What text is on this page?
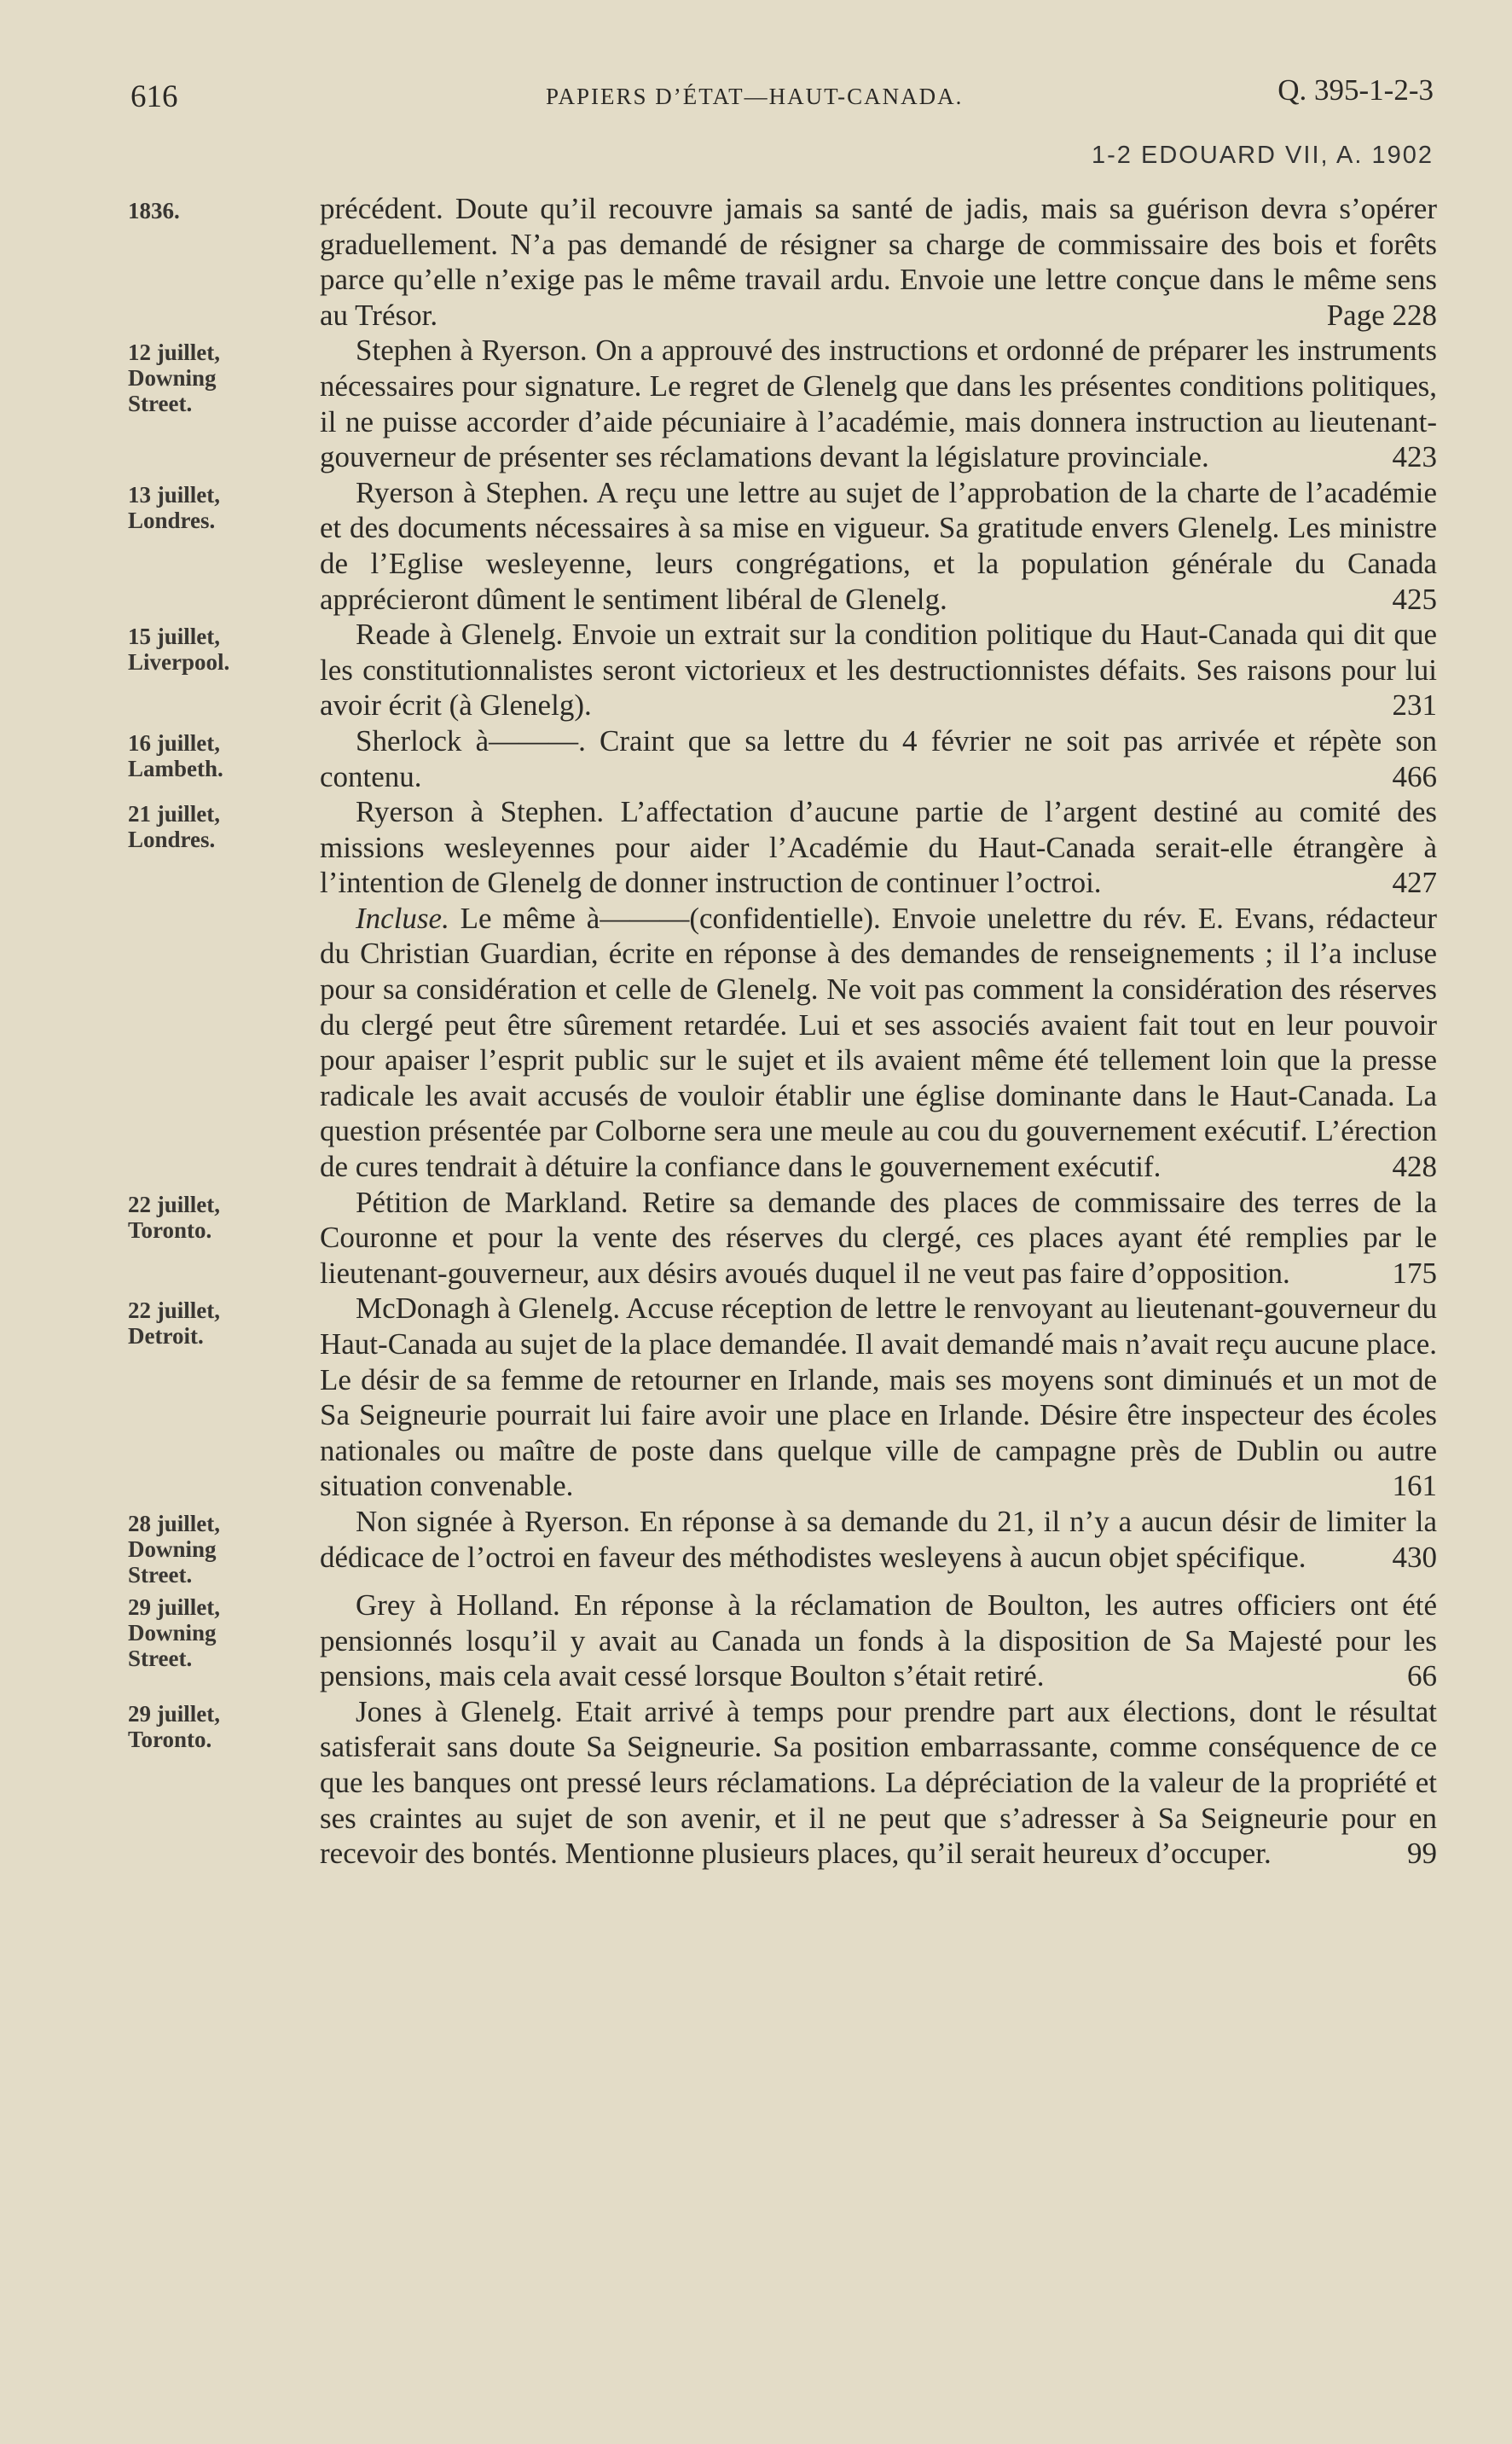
616	PAPIERS D’ÉTAT—HAUT-CANADA.	Q. 395-1-2-3
1-2 EDOUARD VII, A. 1902
1836.	précédent. Doute qu’il recouvre jamais sa santé de jadis, mais sa guérison devra s’opérer graduellement. N’a pas demandé de résigner sa charge de commissaire des bois et forêts parce qu’elle n’exige pas le même travail ardu. Envoie une lettre conçue dans le même sens au Trésor.	Page 228
12 juillet,
Downing
Street.
Stephen à Ryerson. On a approuvé des instructions et ordonné de préparer les instruments nécessaires pour signature. Le regret de Glenelg que dans les présentes conditions politiques, il ne puisse accorder d’aide pécuniaire à l’académie, mais donnera instruction au lieutenant-gouverneur de présenter ses réclamations devant la législature provinciale.	423
13 juillet,
Londres.
Ryerson à Stephen. A reçu une lettre au sujet de l’approbation de la charte de l’académie et des documents nécessaires à sa mise en vigueur. Sa gratitude envers Glenelg. Les ministre de l’Eglise wesleyenne, leurs congrégations, et la population générale du Canada apprécieront dûment le sentiment libéral de Glenelg.	425
15 juillet,
Liverpool.
Reade à Glenelg. Envoie un extrait sur la condition politique du Haut-Canada qui dit que les constitutionnalistes seront victorieux et les destructionnistes défaits. Ses raisons pour lui avoir écrit (à Glenelg).	231
16 juillet,
Lambeth.
Sherlock à———. Craint que sa lettre du 4 février ne soit pas arrivée et répète son contenu.	466
21 juillet,
Londres.
Ryerson à Stephen. L’affectation d’aucune partie de l’argent destiné au comité des missions wesleyennes pour aider l’Académie du Haut-Canada serait-elle étrangère à l’intention de Glenelg de donner instruction de continuer l’octroi.	427
Incluse. Le même à———(confidentielle). Envoie unelettre du rév. E. Evans, rédacteur du Christian Guardian, écrite en réponse à des demandes de renseignements ; il l’a incluse pour sa considération et celle de Glenelg. Ne voit pas comment la considération des réserves du clergé peut être sûrement retardée. Lui et ses associés avaient fait tout en leur pouvoir pour apaiser l’esprit public sur le sujet et ils avaient même été tellement loin que la presse radicale les avait accusés de vouloir établir une église dominante dans le Haut-Canada. La question présentée par Colborne sera une meule au cou du gouvernement exécutif. L’érection de cures tendrait à détuire la confiance dans le gouvernement exécutif.	428
22 juillet,
Toronto.
Pétition de Markland. Retire sa demande des places de commissaire des terres de la Couronne et pour la vente des réserves du clergé, ces places ayant été remplies par le lieutenant-gouverneur, aux désirs avoués duquel il ne veut pas faire d’opposition.	175
22 juillet,
Detroit.
McDonagh à Glenelg. Accuse réception de lettre le renvoyant au lieutenant-gouverneur du Haut-Canada au sujet de la place demandée. Il avait demandé mais n’avait reçu aucune place. Le désir de sa femme de retourner en Irlande, mais ses moyens sont diminués et un mot de Sa Seigneurie pourrait lui faire avoir une place en Irlande. Désire être inspecteur des écoles nationales ou maître de poste dans quelque ville de campagne près de Dublin ou autre situation convenable.	161
28 juillet,
Downing
Street.
Non signée à Ryerson. En réponse à sa demande du 21, il n’y a aucun désir de limiter la dédicace de l’octroi en faveur des méthodistes wesleyens à aucun objet spécifique.	430
29 juillet,
Downing
Street.
Grey à Holland. En réponse à la réclamation de Boulton, les autres officiers ont été pensionnés losqu’il y avait au Canada un fonds à la disposition de Sa Majesté pour les pensions, mais cela avait cessé lorsque Boulton s’était retiré.	66
29 juillet,
Toronto.
Jones à Glenelg. Etait arrivé à temps pour prendre part aux élections, dont le résultat satisferait sans doute Sa Seigneurie. Sa position embarrassante, comme conséquence de ce que les banques ont pressé leurs réclamations. La dépréciation de la valeur de la propriété et ses craintes au sujet de son avenir, et il ne peut que s’adresser à Sa Seigneurie pour en recevoir des bontés. Mentionne plusieurs places, qu’il serait heureux d’occuper.	99
